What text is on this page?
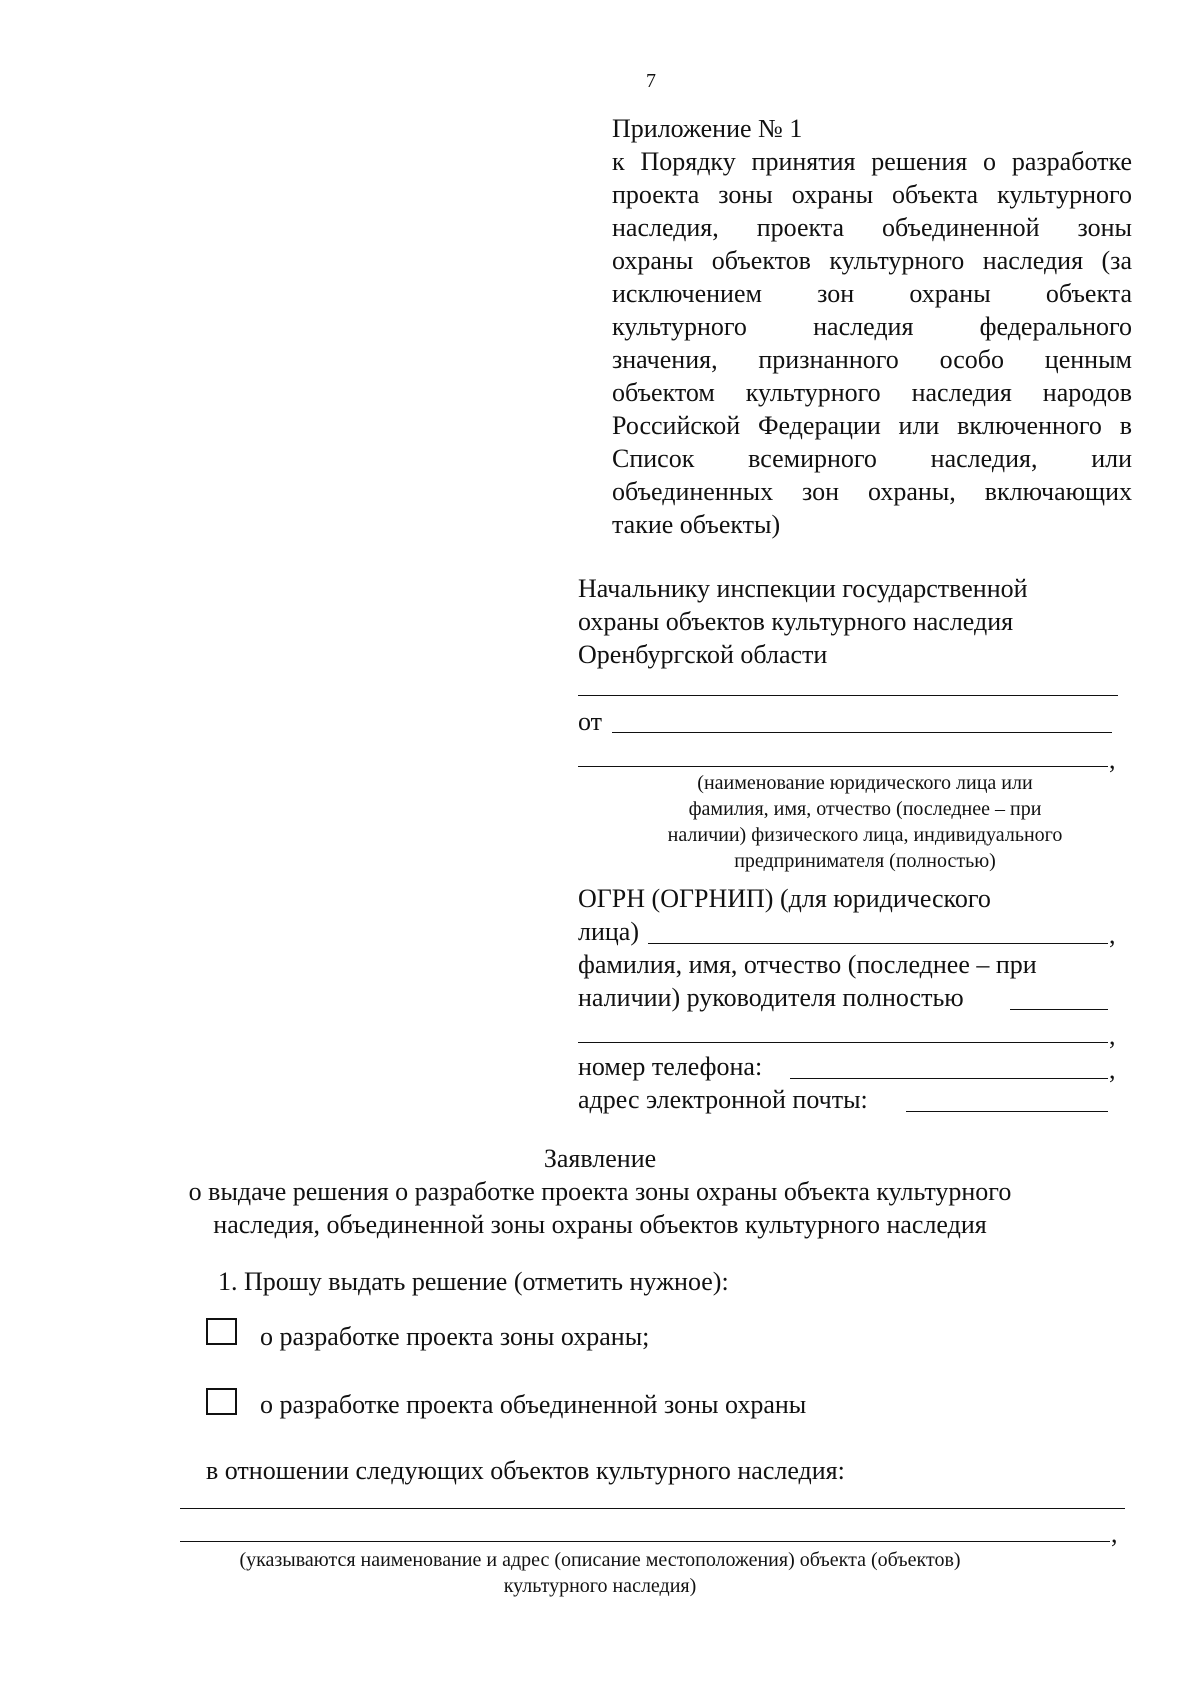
7
Приложение № 1
к Порядку принятия решения о разработке
проекта зоны охраны объекта культурного
наследия, проекта объединенной зоны
охраны объектов культурного наследия (за
исключением зон охраны объекта
культурного наследия федерального
значения, признанного особо ценным
объектом культурного наследия народов
Российской Федерации или включенного в
Список всемирного наследия, или
объединенных зон охраны, включающих
такие объекты)
Начальнику инспекции государственной
охраны объектов культурного наследия
Оренбургской области
от
,
(наименование юридического лица или
фамилия, имя, отчество (последнее – при
наличии) физического лица, индивидуального
предпринимателя (полностью)
ОГРН (ОГРНИП) (для юридического
лица)	,
фамилия, имя, отчество (последнее – при
наличии) руководителя полностью
,
номер телефона:	,
адрес электронной почты:
Заявление
о выдаче решения о разработке проекта зоны охраны объекта культурного
наследия, объединенной зоны охраны объектов культурного наследия
1. Прошу выдать решение (отметить нужное):
о разработке проекта зоны охраны;
о разработке проекта объединенной зоны охраны
в отношении следующих объектов культурного наследия:
,
(указываются наименование и адрес (описание местоположения) объекта (объектов)
культурного наследия)
